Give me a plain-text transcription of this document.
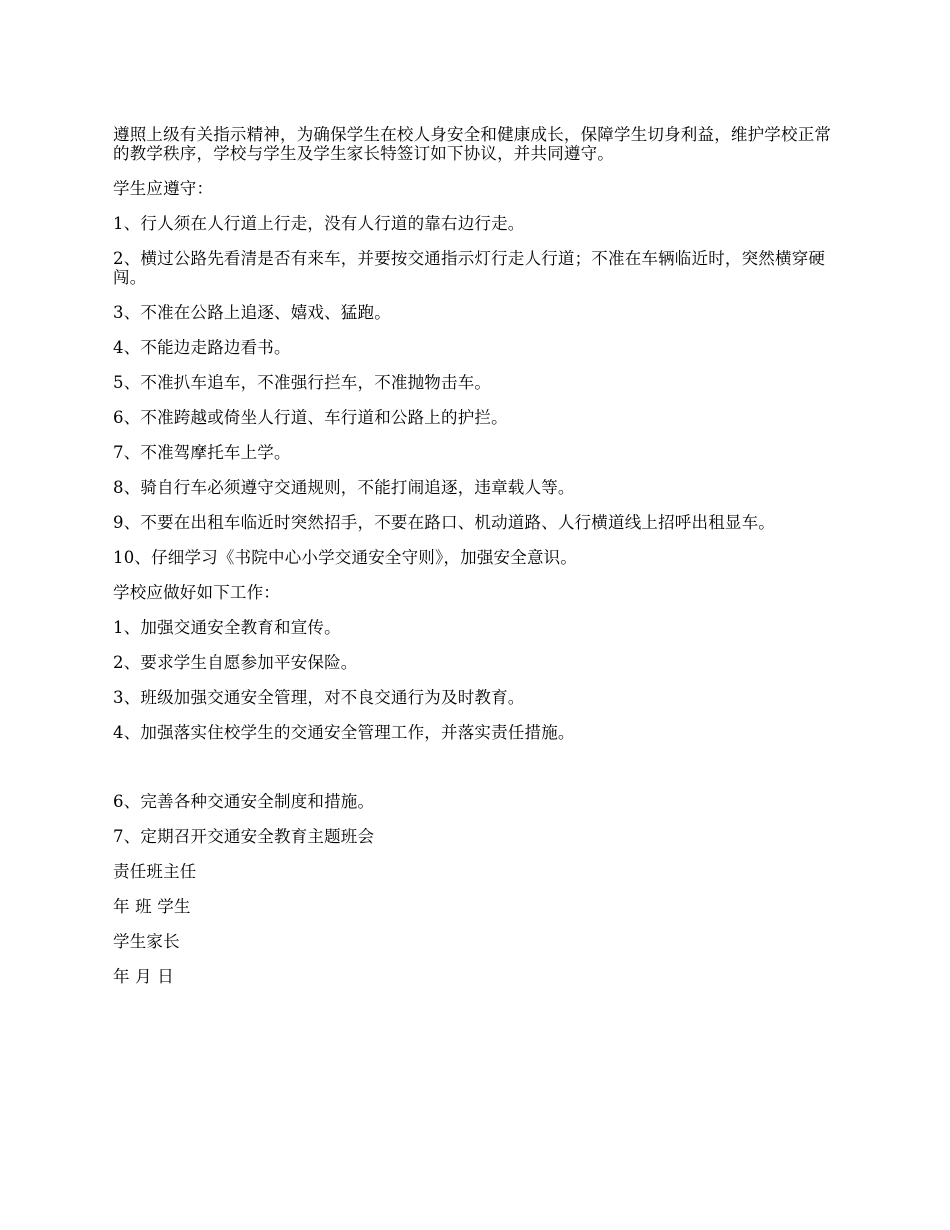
遵照上级有关指示精神，为确保学生在校人身安全和健康成长，保障学生切身利益，维护学校正常的教学秩序，学校与学生及学生家长特签订如下协议，并共同遵守。

学生应遵守：

1、行人须在人行道上行走，没有人行道的靠右边行走。

2、横过公路先看清是否有来车，并要按交通指示灯行走人行道；不准在车辆临近时，突然横穿硬闯。

3、不准在公路上追逐、嬉戏、猛跑。

4、不能边走路边看书。

5、不准扒车追车，不准强行拦车，不准抛物击车。

6、不准跨越或倚坐人行道、车行道和公路上的护拦。

7、不准驾摩托车上学。

8、骑自行车必须遵守交通规则，不能打闹追逐，违章载人等。

9、不要在出租车临近时突然招手，不要在路口、机动道路、人行横道线上招呼出租显车。

10、仔细学习《书院中心小学交通安全守则》，加强安全意识。

学校应做好如下工作：

1、加强交通安全教育和宣传。

2、要求学生自愿参加平安保险。

3、班级加强交通安全管理，对不良交通行为及时教育。

4、加强落实住校学生的交通安全管理工作，并落实责任措施。

6、完善各种交通安全制度和措施。

7、定期召开交通安全教育主题班会

责任班主任

年 班 学生

学生家长

年 月 日
